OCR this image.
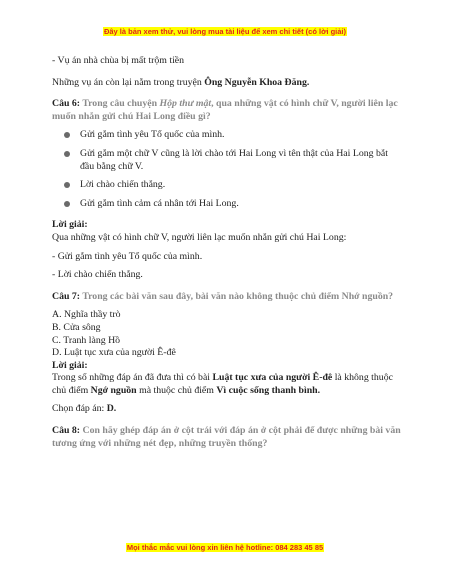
Đây là bản xem thử, vui lòng mua tài liệu để xem chi tiết (có lời giải)

- Vụ án nhà chùa bị mất trộm tiền

Những vụ án còn lại nằm trong truyện Ông Nguyễn Khoa Đăng.

Câu 6: Trong câu chuyện Hộp thư mật, qua những vật có hình chữ V, người liên lạc muốn nhắn gửi chú Hai Long điều gì?

Gửi gắm tình yêu Tổ quốc của mình.
Gửi gắm một chữ V cũng là lời chào tới Hai Long vì tên thật của Hai Long bắt đầu bằng chữ V.
Lời chào chiến thắng.
Gửi gắm tình cảm cá nhân tới Hai Long.

Lời giải:

Qua những vật có hình chữ V, người liên lạc muốn nhắn gửi chú Hai Long:

- Gửi gắm tình yêu Tổ quốc của mình.

- Lời chào chiến thắng.

Câu 7: Trong các bài văn sau đây, bài văn nào không thuộc chủ điểm Nhớ nguồn?

A. Nghĩa thầy trò

B. Cửa sông

C. Tranh làng Hồ

D. Luật tục xưa của người Ê-đê

Lời giải:

Trong số những đáp án đã đưa thì có bài Luật tục xưa của người Ê-đê là không thuộc chủ điểm Ngớ nguồn mà thuộc chủ điểm Vì cuộc sống thanh bình.

Chọn đáp án: D.

Câu 8: Con hãy ghép đáp án ở cột trái với đáp án ở cột phải để được những bài văn tương ứng với những nét đẹp, những truyền thống?

Mọi thắc mắc vui lòng xin liên hệ hotline: 084 283 45 85
